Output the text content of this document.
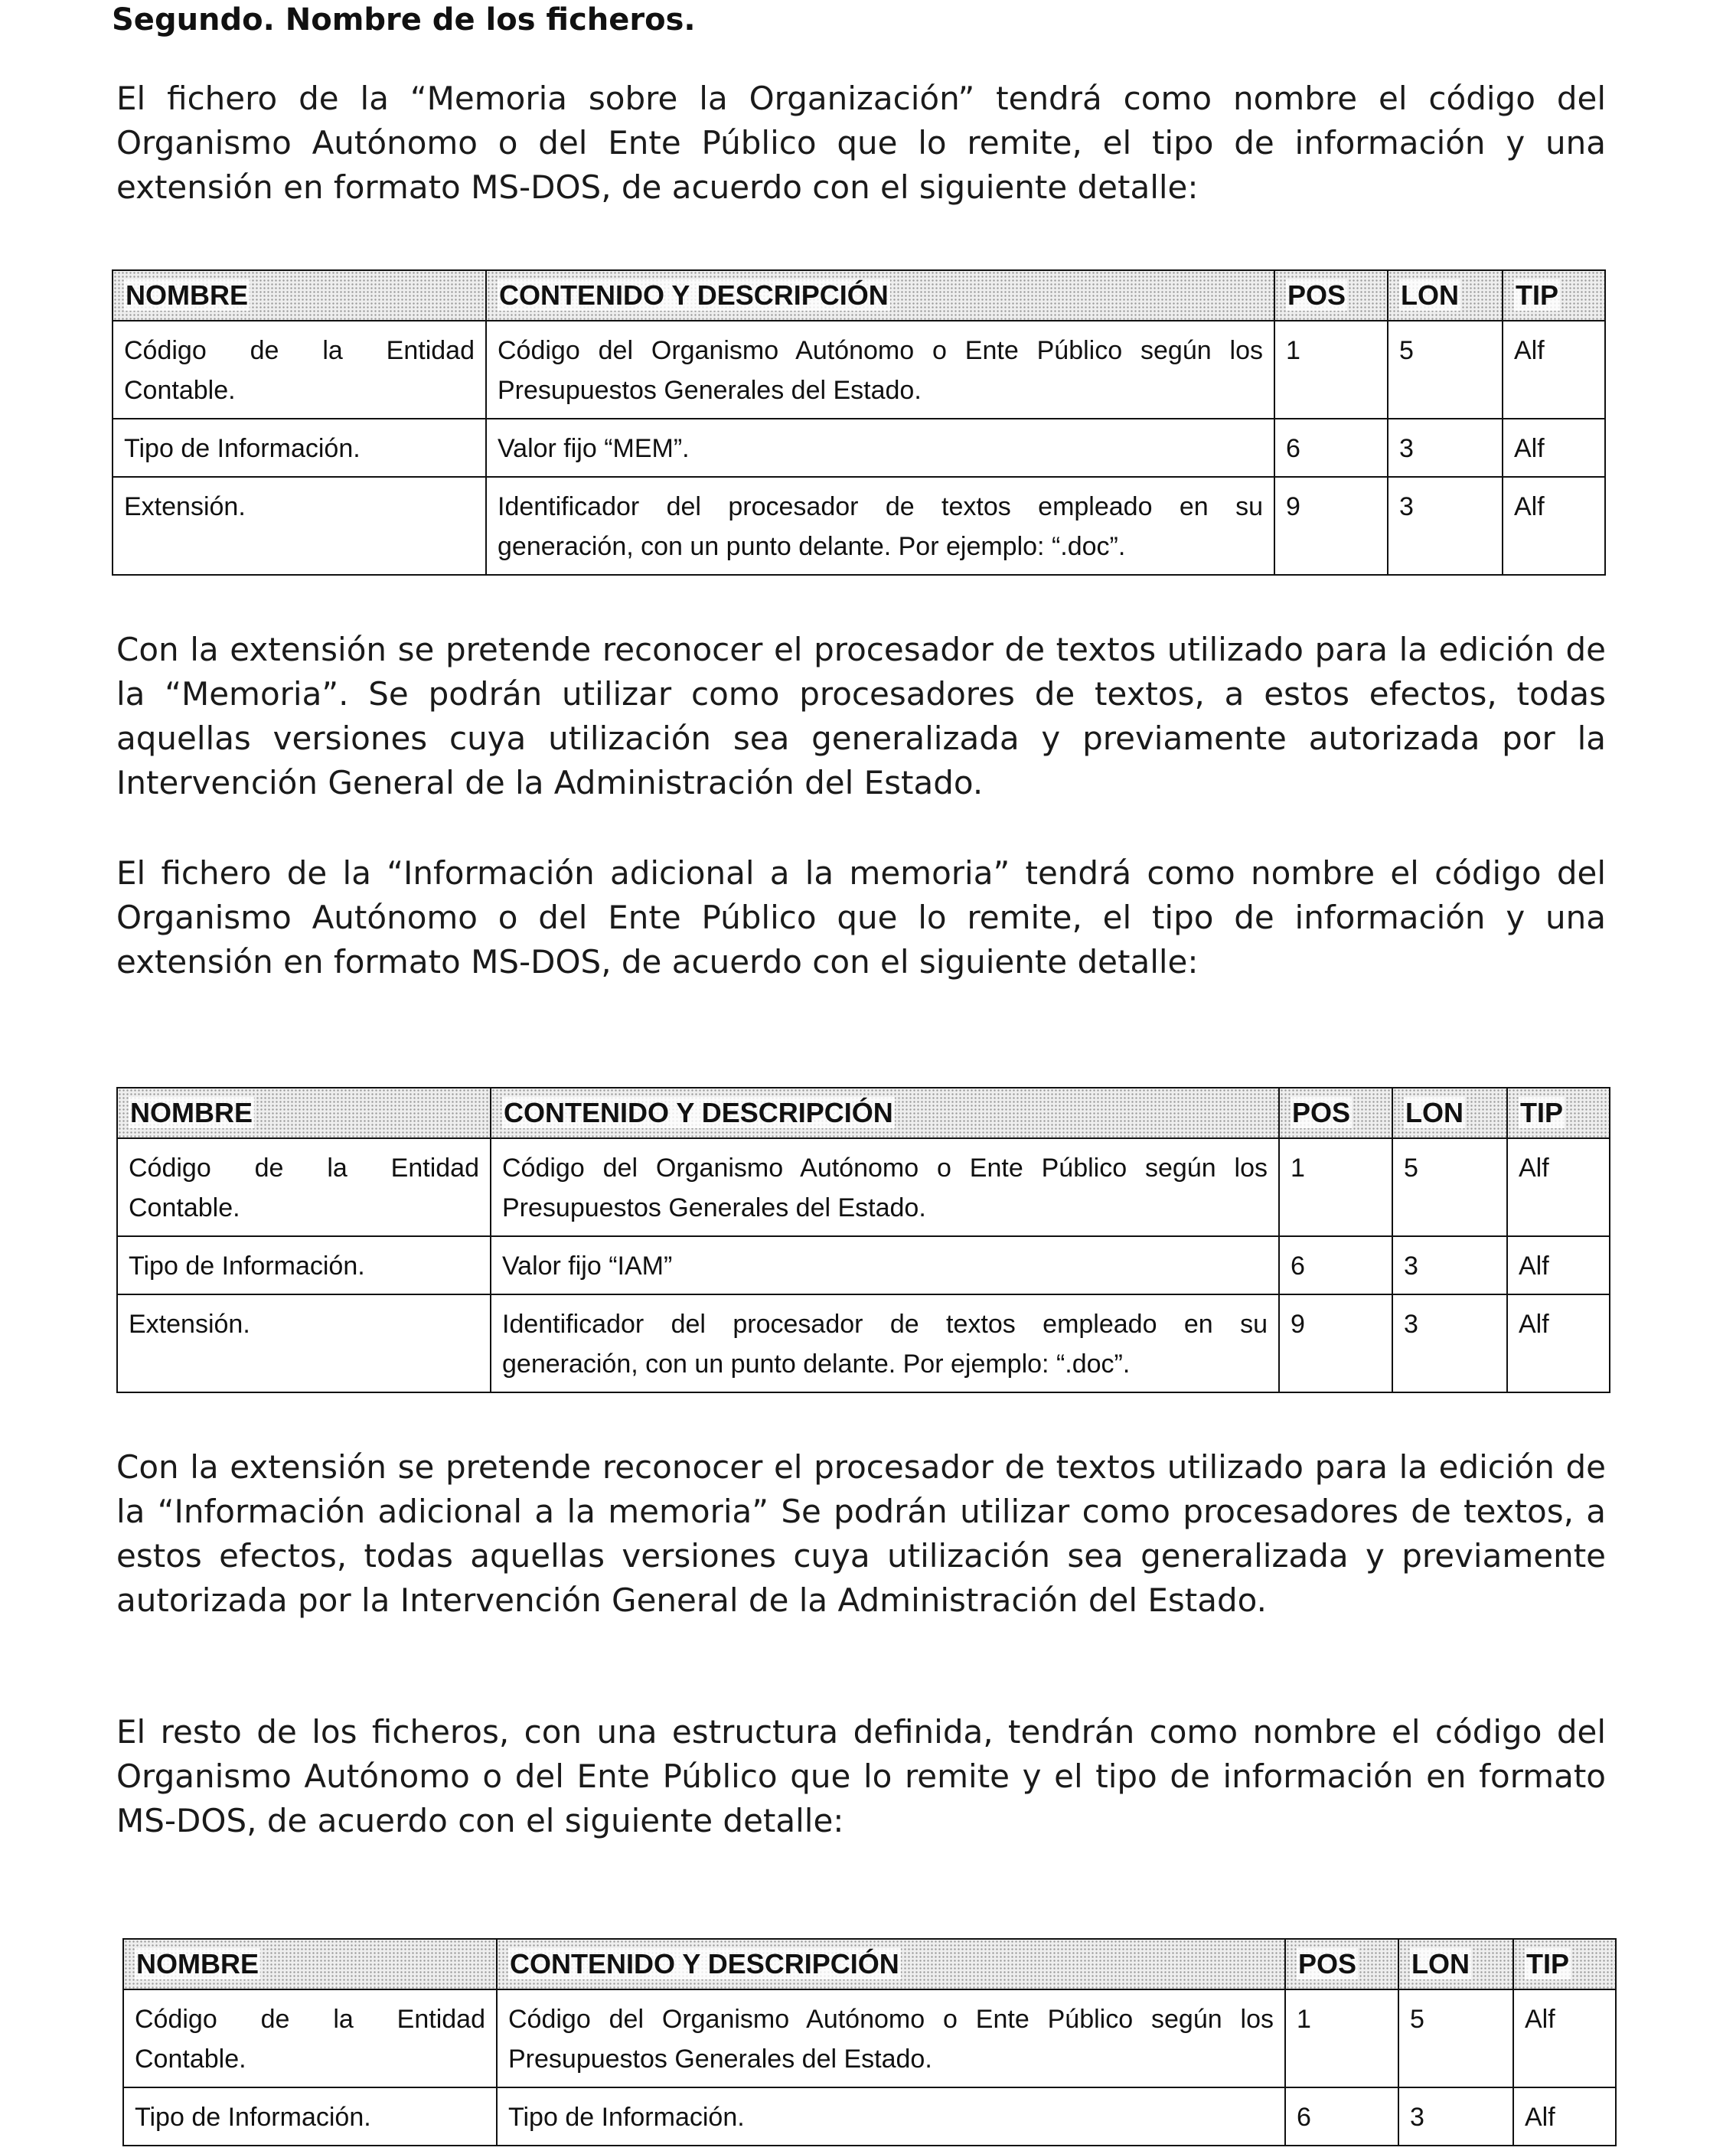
Segundo. Nombre de los ficheros.

El fichero de la “Memoria sobre la Organización” tendrá como nombre el código del Organismo Autónomo o del Ente Público que lo remite, el tipo de información y una extensión en formato MS-DOS, de acuerdo con el siguiente detalle:

NOMBRE	CONTENIDO Y DESCRIPCIÓN	POS	LON	TIP
Código de la Entidad Contable.	Código del Organismo Autónomo o Ente Público según los Presupuestos Generales del Estado.	1	5	Alf
Tipo de Información.	Valor fijo “MEM”.	6	3	Alf
Extensión.	Identificador del procesador de textos empleado en su generación, con un punto delante. Por ejemplo: “.doc”.	9	3	Alf

Con la extensión se pretende reconocer el procesador de textos utilizado para la edición de la “Memoria”. Se podrán utilizar como procesadores de textos, a estos efectos, todas aquellas versiones cuya utilización sea generalizada y previamente autorizada por la Intervención General de la Administración del Estado.

El fichero de la “Información adicional a la memoria” tendrá como nombre el código del Organismo Autónomo o del Ente Público que lo remite, el tipo de información y una extensión en formato MS-DOS, de acuerdo con el siguiente detalle:

NOMBRE	CONTENIDO Y DESCRIPCIÓN	POS	LON	TIP
Código de la Entidad Contable.	Código del Organismo Autónomo o Ente Público según los Presupuestos Generales del Estado.	1	5	Alf
Tipo de Información.	Valor fijo “IAM”	6	3	Alf
Extensión.	Identificador del procesador de textos empleado en su generación, con un punto delante. Por ejemplo: “.doc”.	9	3	Alf

Con la extensión se pretende reconocer el procesador de textos utilizado para la edición de la “Información adicional a la memoria” Se podrán utilizar como procesadores de textos, a estos efectos, todas aquellas versiones cuya utilización sea generalizada y previamente autorizada por la Intervención General de la Administración del Estado.

El resto de los ficheros, con una estructura definida, tendrán como nombre el código del Organismo Autónomo o del Ente Público que lo remite y el tipo de información en formato MS-DOS, de acuerdo con el siguiente detalle:

NOMBRE	CONTENIDO Y DESCRIPCIÓN	POS	LON	TIP
Código de la Entidad Contable.	Código del Organismo Autónomo o Ente Público según los Presupuestos Generales del Estado.	1	5	Alf
Tipo de Información.	Tipo de Información.	6	3	Alf
